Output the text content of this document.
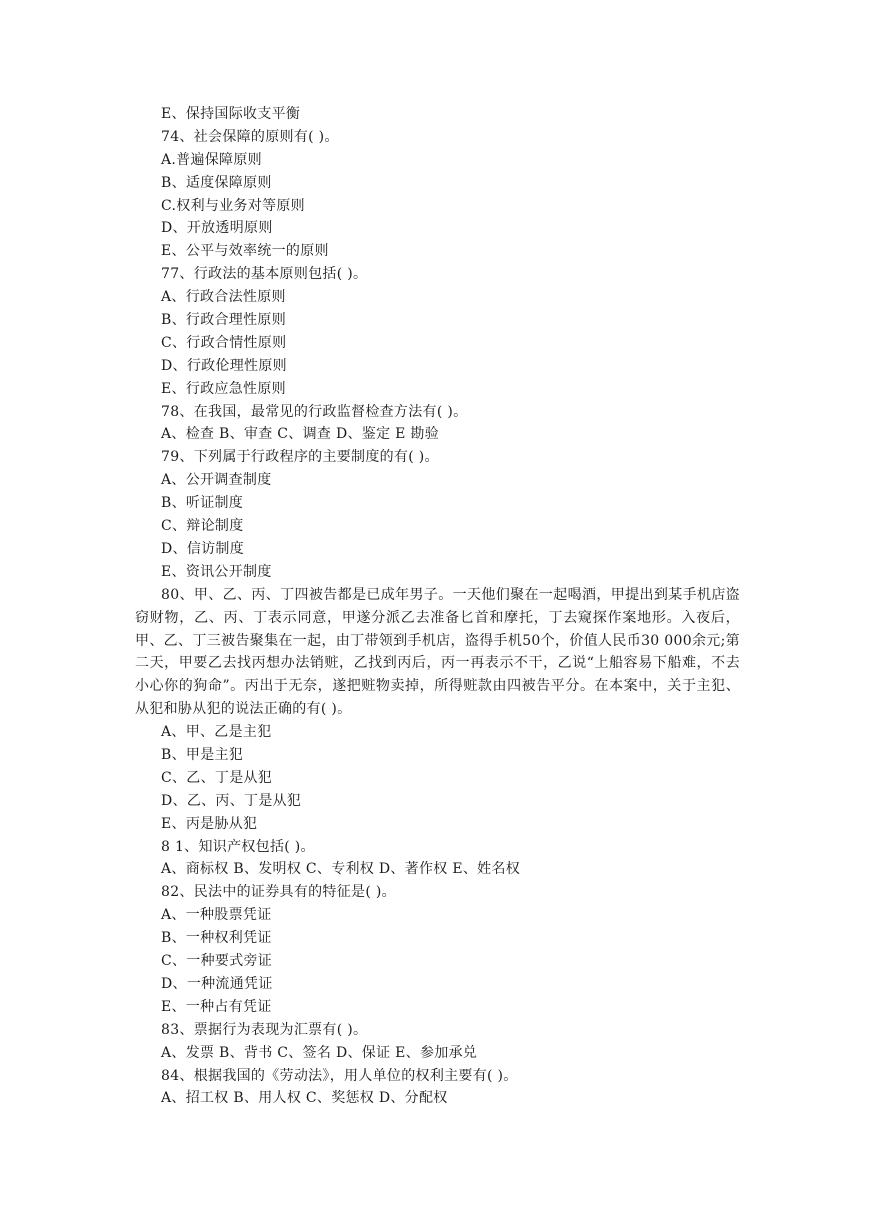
E、保持国际收支平衡
74、社会保障的原则有( )。
A.普遍保障原则
B、适度保障原则
C.权利与业务对等原则
D、开放透明原则
E、公平与效率统一的原则
77、行政法的基本原则包括( )。
A、行政合法性原则
B、行政合理性原则
C、行政合情性原则
D、行政伦理性原则
E、行政应急性原则
78、在我国，最常见的行政监督检查方法有( )。
A、检查 B、审查 C、调查 D、鉴定 E 勘验
79、下列属于行政程序的主要制度的有( )。
A、公开调查制度
B、听证制度
C、辩论制度
D、信访制度
E、资讯公开制度
80、甲、乙、丙、丁四被告都是已成年男子。一天他们聚在一起喝酒，甲提出到某手机店盗窃财物，乙、丙、丁表示同意，甲遂分派乙去准备匕首和摩托，丁去窥探作案地形。入夜后，甲、乙、丁三被告聚集在一起，由丁带领到手机店，盗得手机50个，价值人民币30 000余元;第二天，甲要乙去找丙想办法销赃，乙找到丙后，丙一再表示不干，乙说“上船容易下船难，不去小心你的狗命”。丙出于无奈，遂把赃物卖掉，所得赃款由四被告平分。在本案中，关于主犯、从犯和胁从犯的说法正确的有( )。
A、甲、乙是主犯
B、甲是主犯
C、乙、丁是从犯
D、乙、丙、丁是从犯
E、丙是胁从犯
8 1、知识产权包括( )。
A、商标权 B、发明权 C、专利权 D、著作权 E、姓名权
82、民法中的证券具有的特征是( )。
A、一种股票凭证
B、一种权利凭证
C、一种要式旁证
D、一种流通凭证
E、一种占有凭证
83、票据行为表现为汇票有( )。
A、发票 B、背书 C、签名 D、保证 E、参加承兑
84、根据我国的《劳动法》，用人单位的权利主要有( )。
A、招工权 B、用人权 C、奖惩权 D、分配权
